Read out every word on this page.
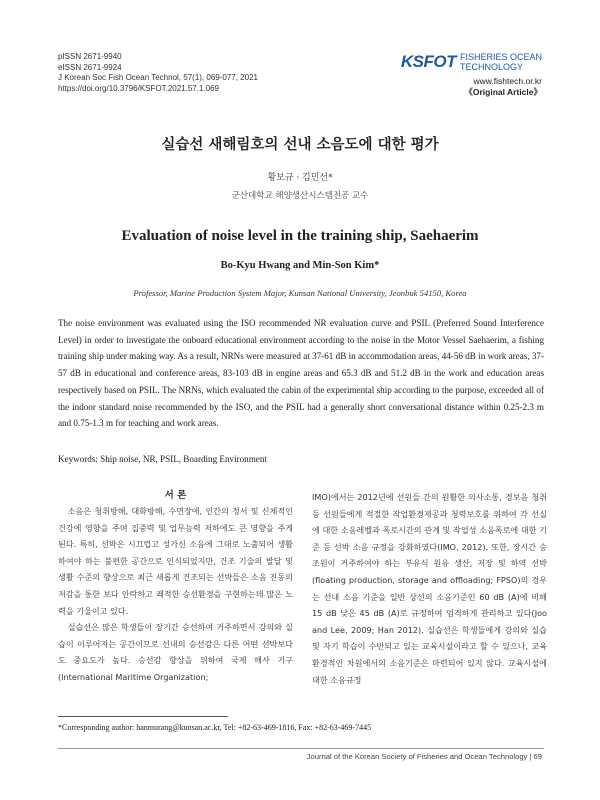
pISSN 2671-9940
eISSN 2671-9924
J Korean Soc Fish Ocean Technol, 57(1), 069-077, 2021
https://doi.org/10.3796/KSFOT.2021.57.1.069
KSFOT FISHERIES OCEAN
TECHNOLOGY
www.fishtech.or.kr
《Original Article》
실습선 새해림호의 선내 소음도에 대한 평가
황보규 · 김민선*
군산대학교 해양생산시스템전공 교수
Evaluation of noise level in the training ship, Saehaerim
Bo-Kyu Hwang and Min-Son Kim*
Professor, Marine Production System Major, Kunsan National University, Jeonbuk 54150, Korea

The noise environment was evaluated using the ISO recommended NR evaluation curve and PSIL (Preferred Sound Interference Level) in order to investigate the onboard educational environment according to the noise in the Motor Vessel Saehaerim, a fishing training ship under making way. As a result, NRNs were measured at 37-61 dB in accommodation areas, 44-56 dB in work areas, 37-57 dB in educational and conference areas, 83-103 dB in engine areas and 65.3 dB and 51.2 dB in the work and education areas respectively based on PSIL. The NRNs, which evaluated the cabin of the experimental ship according to the purpose, exceeded all of the indoor standard noise recommended by the ISO, and the PSIL had a generally short conversational distance within 0.25-2.3 m and 0.75-1.3 m for teaching and work areas.

Keywords: Ship noise, NR, PSIL, Boarding Environment
서 론

소음은 청취방해, 대화방해, 수면장애, 인간의 정서 및 신체적인 건강에 영향을 주며 집중력 및 업무능력 저하에도 큰 영향을 주게 된다. 특히, 선박은 시끄럽고 성가신 소음에 그대로 노출되어 생활하여야 하는 불편한 공간으로 인식되었지만, 건조 기술의 발달 및 생활 수준의 향상으로 최근 새롭게 건조되는 선박들은 소음 진동의 저감을 통한 보다 안락하고 쾌적한 승선환경을 구현하는데 많은 노력을 기울이고 있다.

실습선은 많은 학생들이 장기간 승선하여 거주하면서 강의와 실습이 이루어지는 공간이므로 선내의 승선감은 다른 어떤 선박보다도 중요도가 높다. 승선감 향상을 위하여 국제 해사 기구(International Maritime Organization;

IMO)에서는 2012년에 선원들 간의 원활한 의사소통, 경보음 청취 등 선원들에게 적절한 작업환경제공과 청력보호를 위하여 각 선실에 대한 소음레벨과 폭로시간의 관계 및 작업성 소음폭로에 대한 기준 등 선박 소음 규정을 강화하였다(IMO, 2012). 또한, 장시간 승조원이 거주하여야 하는 부유식 원유 생산, 저장 및 하역 선박(floating production, storage and offloading; FPSO)의 경우는 선내 소음 기준을 일반 상선의 소음기준인 60 dB (A)에 비해 15 dB 낮은 45 dB (A)로 규정하여 엄격하게 관리하고 있다(Joo and Lee, 2009; Han 2012). 실습선은 학생들에게 강의와 실습 및 자기 학습이 수반되고 있는 교육시설이라고 할 수 있으나, 교육환경적인 차원에서의 소음기준은 마련되어 있지 않다. 교육시설에 대한 소음규정

*Corresponding author: hanmurang@kunsan.ac.kr, Tel: +82-63-469-1816, Fax: +82-63-469-7445
Journal of the Korean Society of Fisheries and Ocean Technology | 69
